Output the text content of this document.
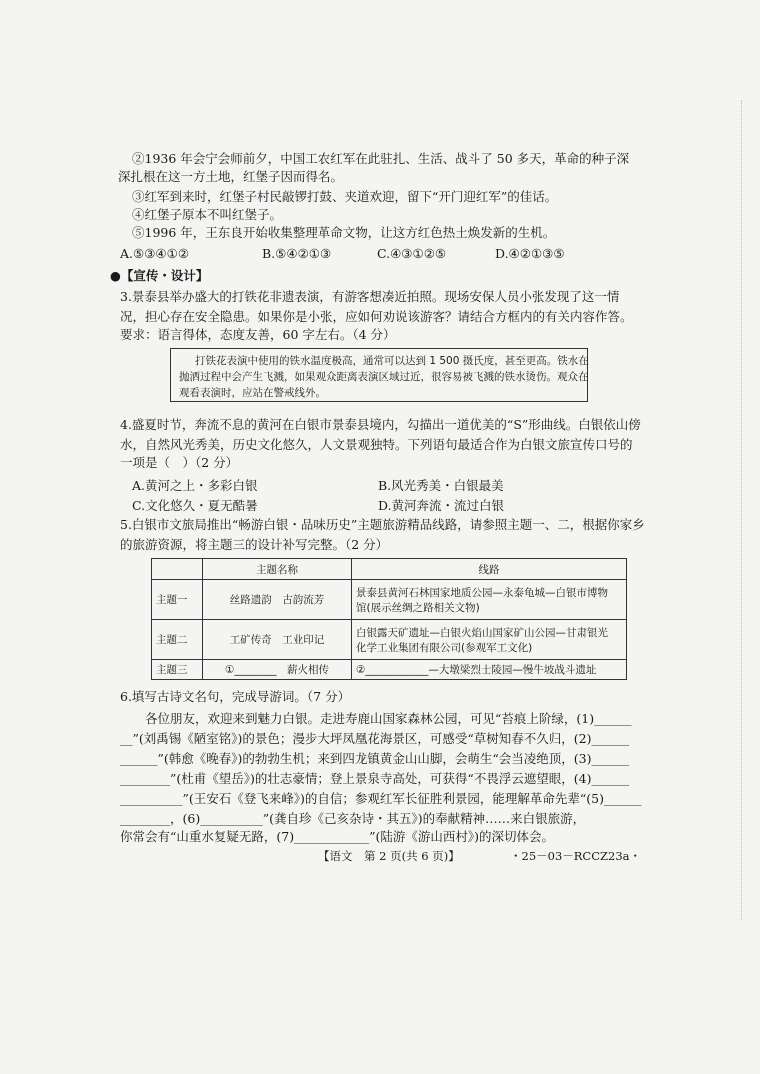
②1936 年会宁会师前夕，中国工农红军在此驻扎、生活、战斗了 50 多天，革命的种子深
深扎根在这一方土地，红堡子因而得名。
③红军到来时，红堡子村民敲锣打鼓、夹道欢迎，留下“开门迎红军”的佳话。
④红堡子原本不叫红堡子。
⑤1996 年，王东良开始收集整理革命文物，让这方红色热土焕发新的生机。
A.⑤③④①②	B.⑤④②①③	C.④③①②⑤	D.④②①③⑤
●【宣传・设计】
3.景泰县举办盛大的打铁花非遗表演，有游客想凑近拍照。现场安保人员小张发现了这一情
况，担心存在安全隐患。如果你是小张，应如何劝说该游客？请结合方框内的有关内容作答。
要求：语言得体，态度友善，60 字左右。（4 分）
打铁花表演中使用的铁水温度极高，通常可以达到 1 500 摄氏度，甚至更高。铁水在
抛洒过程中会产生飞溅，如果观众距离表演区域过近，很容易被飞溅的铁水烫伤。观众在
观看表演时，应站在警戒线外。
4.盛夏时节，奔流不息的黄河在白银市景泰县境内，勾描出一道优美的“S”形曲线。白银依山傍
水，自然风光秀美，历史文化悠久，人文景观独特。下列语句最适合作为白银文旅宣传口号的
一项是（　）（2 分）
A.黄河之上・多彩白银	B.风光秀美・白银最美
C.文化悠久・夏无酷暑	D.黄河奔流・流过白银
5.白银市文旅局推出“畅游白银・品味历史”主题旅游精品线路，请参照主题一、二，根据你家乡
的旅游资源，将主题三的设计补写完整。（2 分）
	主题名称	线路
主题一	丝路遗韵　古韵流芳	景泰县黄河石林国家地质公园—永泰龟城—白银市博物
馆(展示丝绸之路相关文物)

主题二	工矿传奇　工业印记	白银露天矿遗址—白银火焰山国家矿山公园—甘肃银光
化学工业集团有限公司(参观军工文化)

主题三	①________　薪火相传	②____________—大墩梁烈士陵园—慢牛坡战斗遗址
6.填写古诗文名句，完成导游词。（7 分）
　　各位朋友，欢迎来到魅力白银。走进寿鹿山国家森林公园，可见“苔痕上阶绿，(1)______
__”(刘禹锡《陋室铭》)的景色；漫步大坪凤凰花海景区，可感受“草树知春不久归，(2)______
______”(韩愈《晚春》)的勃勃生机；来到四龙镇黄金山山脚，会萌生“会当凌绝顶，(3)______
________”(杜甫《望岳》)的壮志豪情；登上景泉寺高处，可获得“不畏浮云遮望眼，(4)______
__________”(王安石《登飞来峰》)的自信；参观红军长征胜利景园，能理解革命先辈“(5)______
________，(6)__________”(龚自珍《己亥杂诗・其五》)的奉献精神……来白银旅游，
你常会有“山重水复疑无路，(7)____________”(陆游《游山西村》)的深切体会。
【语文　第 2 页(共 6 页)】	・25－03－RCCZ23a・
